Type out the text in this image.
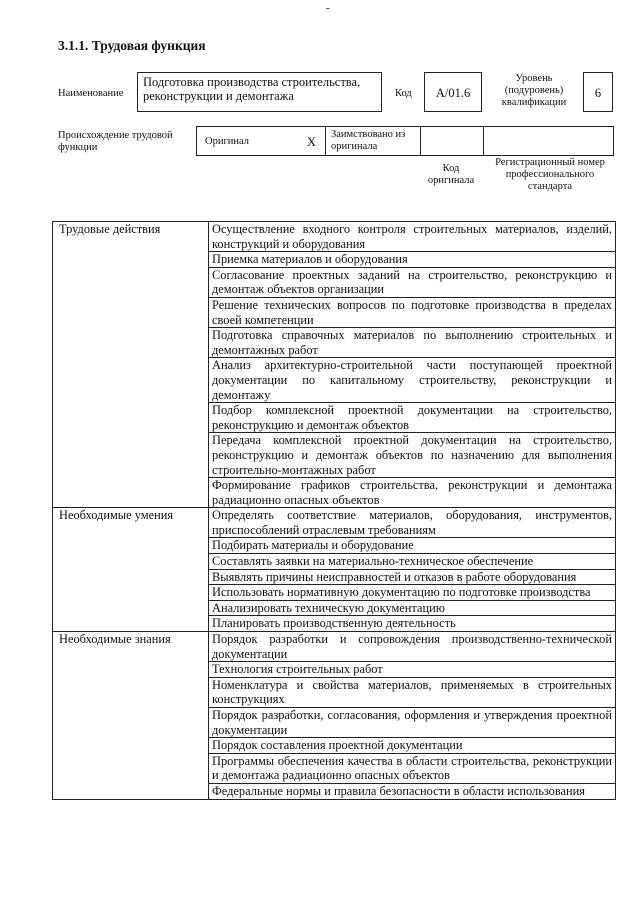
-
3.1.1. Трудовая функция
Наименование
Подготовка производства строительства, реконструкции и демонтажа	Код	A/01.6
Уровень (подуровень) квалификации
6
Происхождение трудовой функции
Оригинал	X
Заимствовано из оригинала
Код оригинала
Регистрационный номер профессионального стандарта
Трудовые действия	Осуществление входного контроля строительных материалов, изделий, конструкций и оборудования
	Приемка материалов и оборудования
	Согласование проектных заданий на строительство, реконструкцию и демонтаж объектов организации
	Решение технических вопросов по подготовке производства в пределах своей компетенции
	Подготовка справочных материалов по выполнению строительных и демонтажных работ
	Анализ архитектурно-строительной части поступающей проектной документации по капитальному строительству, реконструкции и демонтажу
	Подбор комплексной проектной документации на строительство, реконструкцию и демонтаж объектов
	Передача комплексной проектной документации на строительство, реконструкцию и демонтаж объектов по назначению для выполнения строительно-монтажных работ
	Формирование графиков строительства, реконструкции и демонтажа радиационно опасных объектов
Необходимые умения	Определять соответствие материалов, оборудования, инструментов, приспособлений отраслевым требованиям
	Подбирать материалы и оборудование
	Составлять заявки на материально-техническое обеспечение
	Выявлять причины неисправностей и отказов в работе оборудования
	Использовать нормативную документацию по подготовке производства
	Анализировать техническую документацию
	Планировать производственную деятельность
Необходимые знания	Порядок разработки и сопровождения производственно-технической документации
	Технология строительных работ
	Номенклатура и свойства материалов, применяемых в строительных конструкциях
	Порядок разработки, согласования, оформления и утверждения проектной документации
	Порядок составления проектной документации
	Программы обеспечения качества в области строительства, реконструкции и демонтажа радиационно опасных объектов
	Федеральные нормы и правила безопасности в области использования
